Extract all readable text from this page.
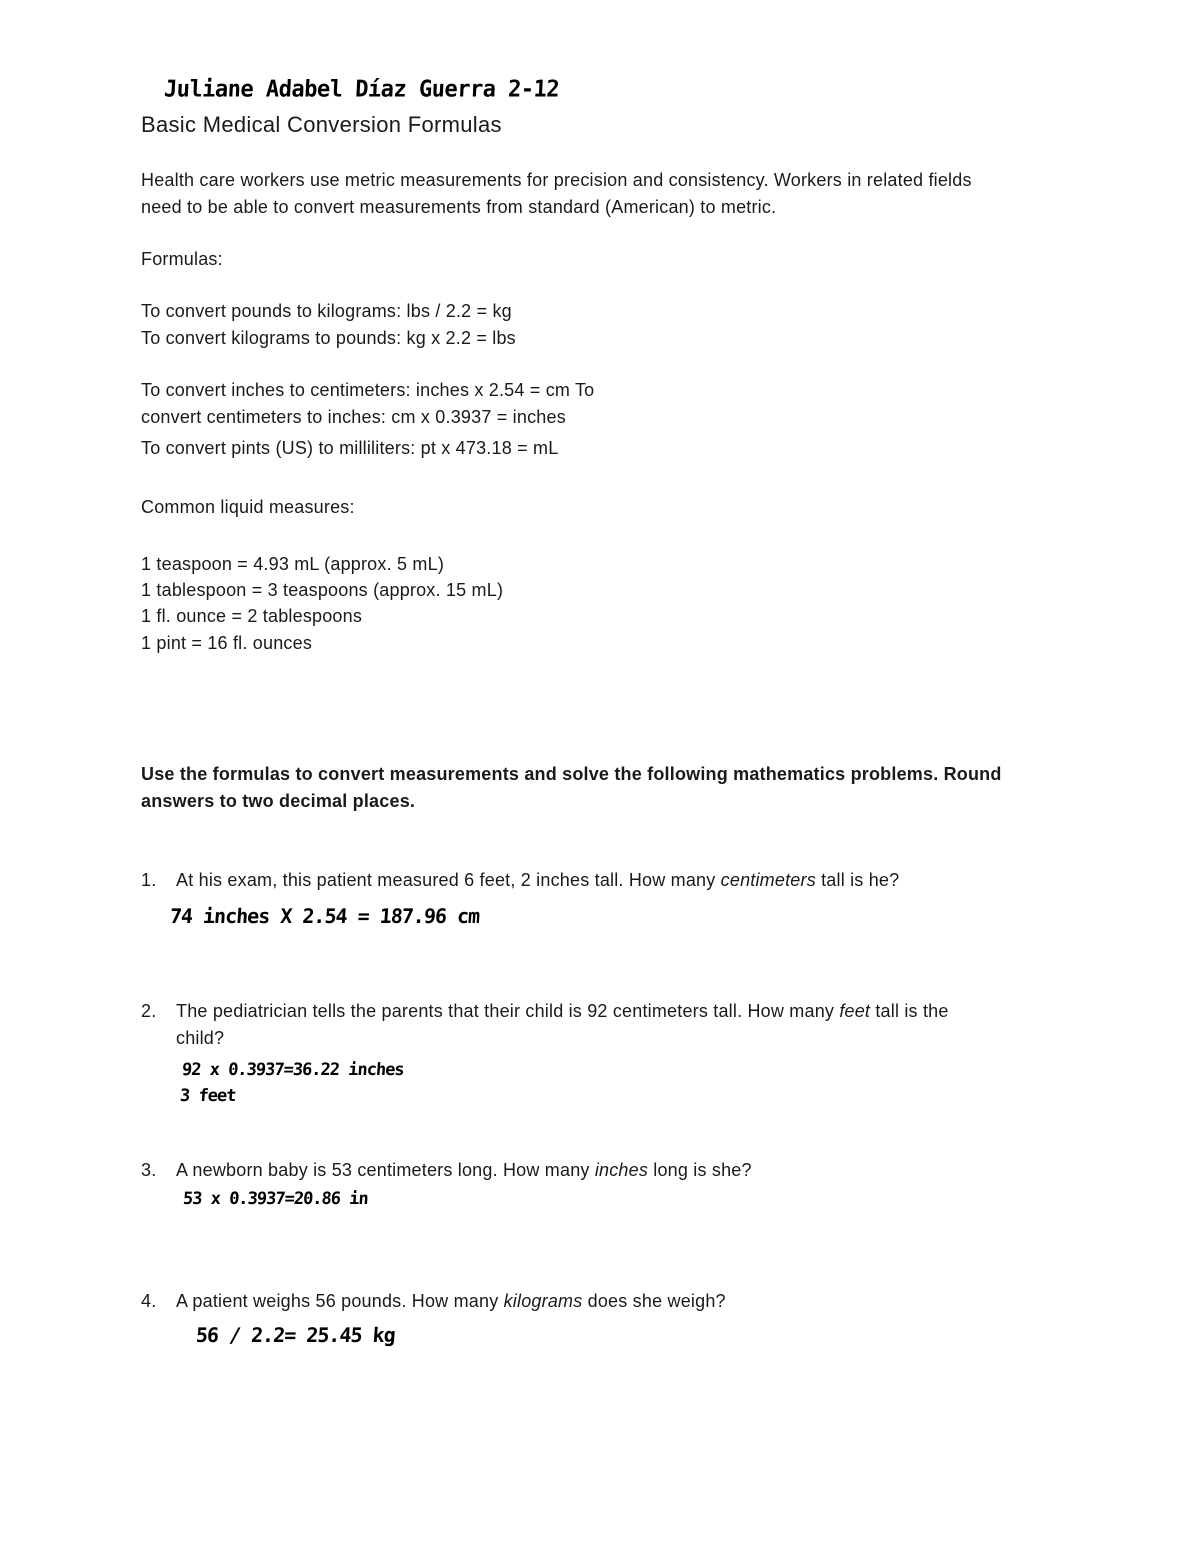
Juliane Adabel Díaz Guerra 2-12
Basic Medical Conversion Formulas
Health care workers use metric measurements for precision and consistency. Workers in related fields
need to be able to convert measurements from standard (American) to metric.
Formulas:
To convert pounds to kilograms: lbs / 2.2 = kg
To convert kilograms to pounds: kg x 2.2 = lbs
To convert inches to centimeters: inches x 2.54 = cm To
convert centimeters to inches: cm x 0.3937 = inches
To convert pints (US) to milliliters: pt x 473.18 = mL
Common liquid measures:
1 teaspoon = 4.93 mL (approx. 5 mL)
1 tablespoon = 3 teaspoons (approx. 15 mL)
1 fl. ounce = 2 tablespoons
1 pint = 16 fl. ounces
Use the formulas to convert measurements and solve the following mathematics problems. Round
answers to two decimal places.
1.	At his exam, this patient measured 6 feet, 2 inches tall. How many centimeters tall is he?
74 inches X 2.54 = 187.96 cm
2.	The pediatrician tells the parents that their child is 92 centimeters tall. How many feet tall is the
child?
92 x 0.3937=36.22 inches
3 feet
3.	A newborn baby is 53 centimeters long. How many inches long is she?
53 x 0.3937=20.86 in
4.	A patient weighs 56 pounds. How many kilograms does she weigh?
56 / 2.2= 25.45 kg
